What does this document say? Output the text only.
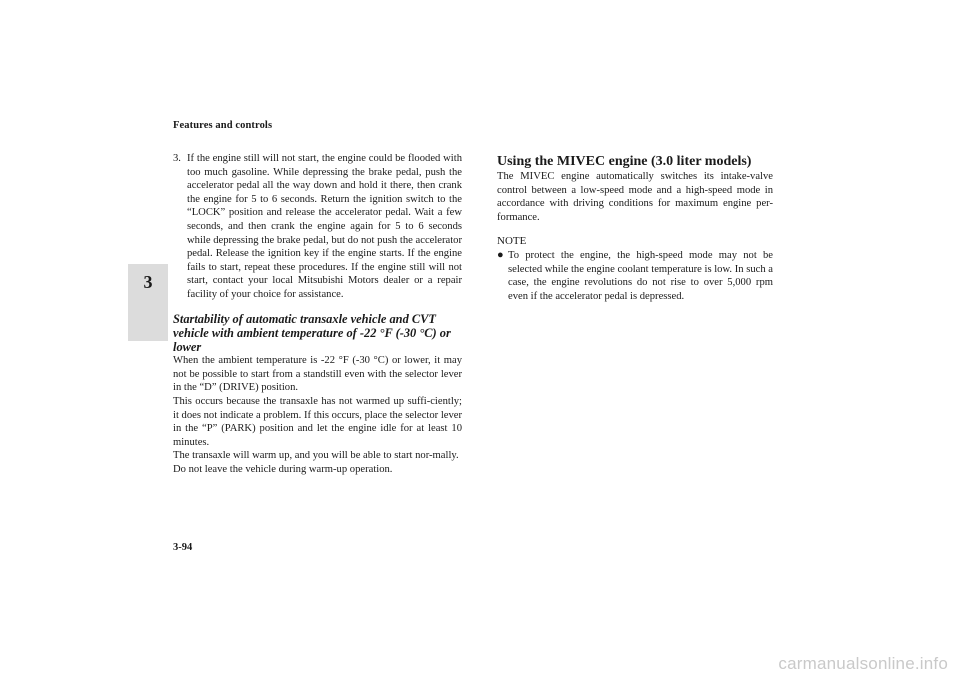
Features and controls
3
3. If the engine still will not start, the engine could be flooded with too much gasoline. While depressing the brake pedal, push the accelerator pedal all the way down and hold it there, then crank the engine for 5 to 6 seconds. Return the ignition switch to the “LOCK” position and release the accelerator pedal. Wait a few seconds, and then crank the engine again for 5 to 6 seconds while depressing the brake pedal, but do not push the accelerator pedal. Release the ignition key if the engine starts. If the engine fails to start, repeat these procedures. If the engine still will not start, contact your local Mitsubishi Motors dealer or a repair facility of your choice for assistance.
Startability of automatic transaxle vehicle and CVT vehicle with ambient temperature of -22 °F (-30 °C) or lower
When the ambient temperature is -22 °F (-30 °C) or lower, it may not be possible to start from a standstill even with the selector lever in the “D” (DRIVE) position.
This occurs because the transaxle has not warmed up suffi-ciently; it does not indicate a problem. If this occurs, place the selector lever in the “P” (PARK) position and let the engine idle for at least 10 minutes.
The transaxle will warm up, and you will be able to start nor-mally.
Do not leave the vehicle during warm-up operation.
Using the MIVEC engine (3.0 liter models)
The MIVEC engine automatically switches its intake-valve control between a low-speed mode and a high-speed mode in accordance with driving conditions for maximum engine per-formance.
NOTE
● To protect the engine, the high-speed mode may not be selected while the engine coolant temperature is low. In such a case, the engine revolutions do not rise to over 5,000 rpm even if the accelerator pedal is depressed.
3-94
carmanualsonline.info
